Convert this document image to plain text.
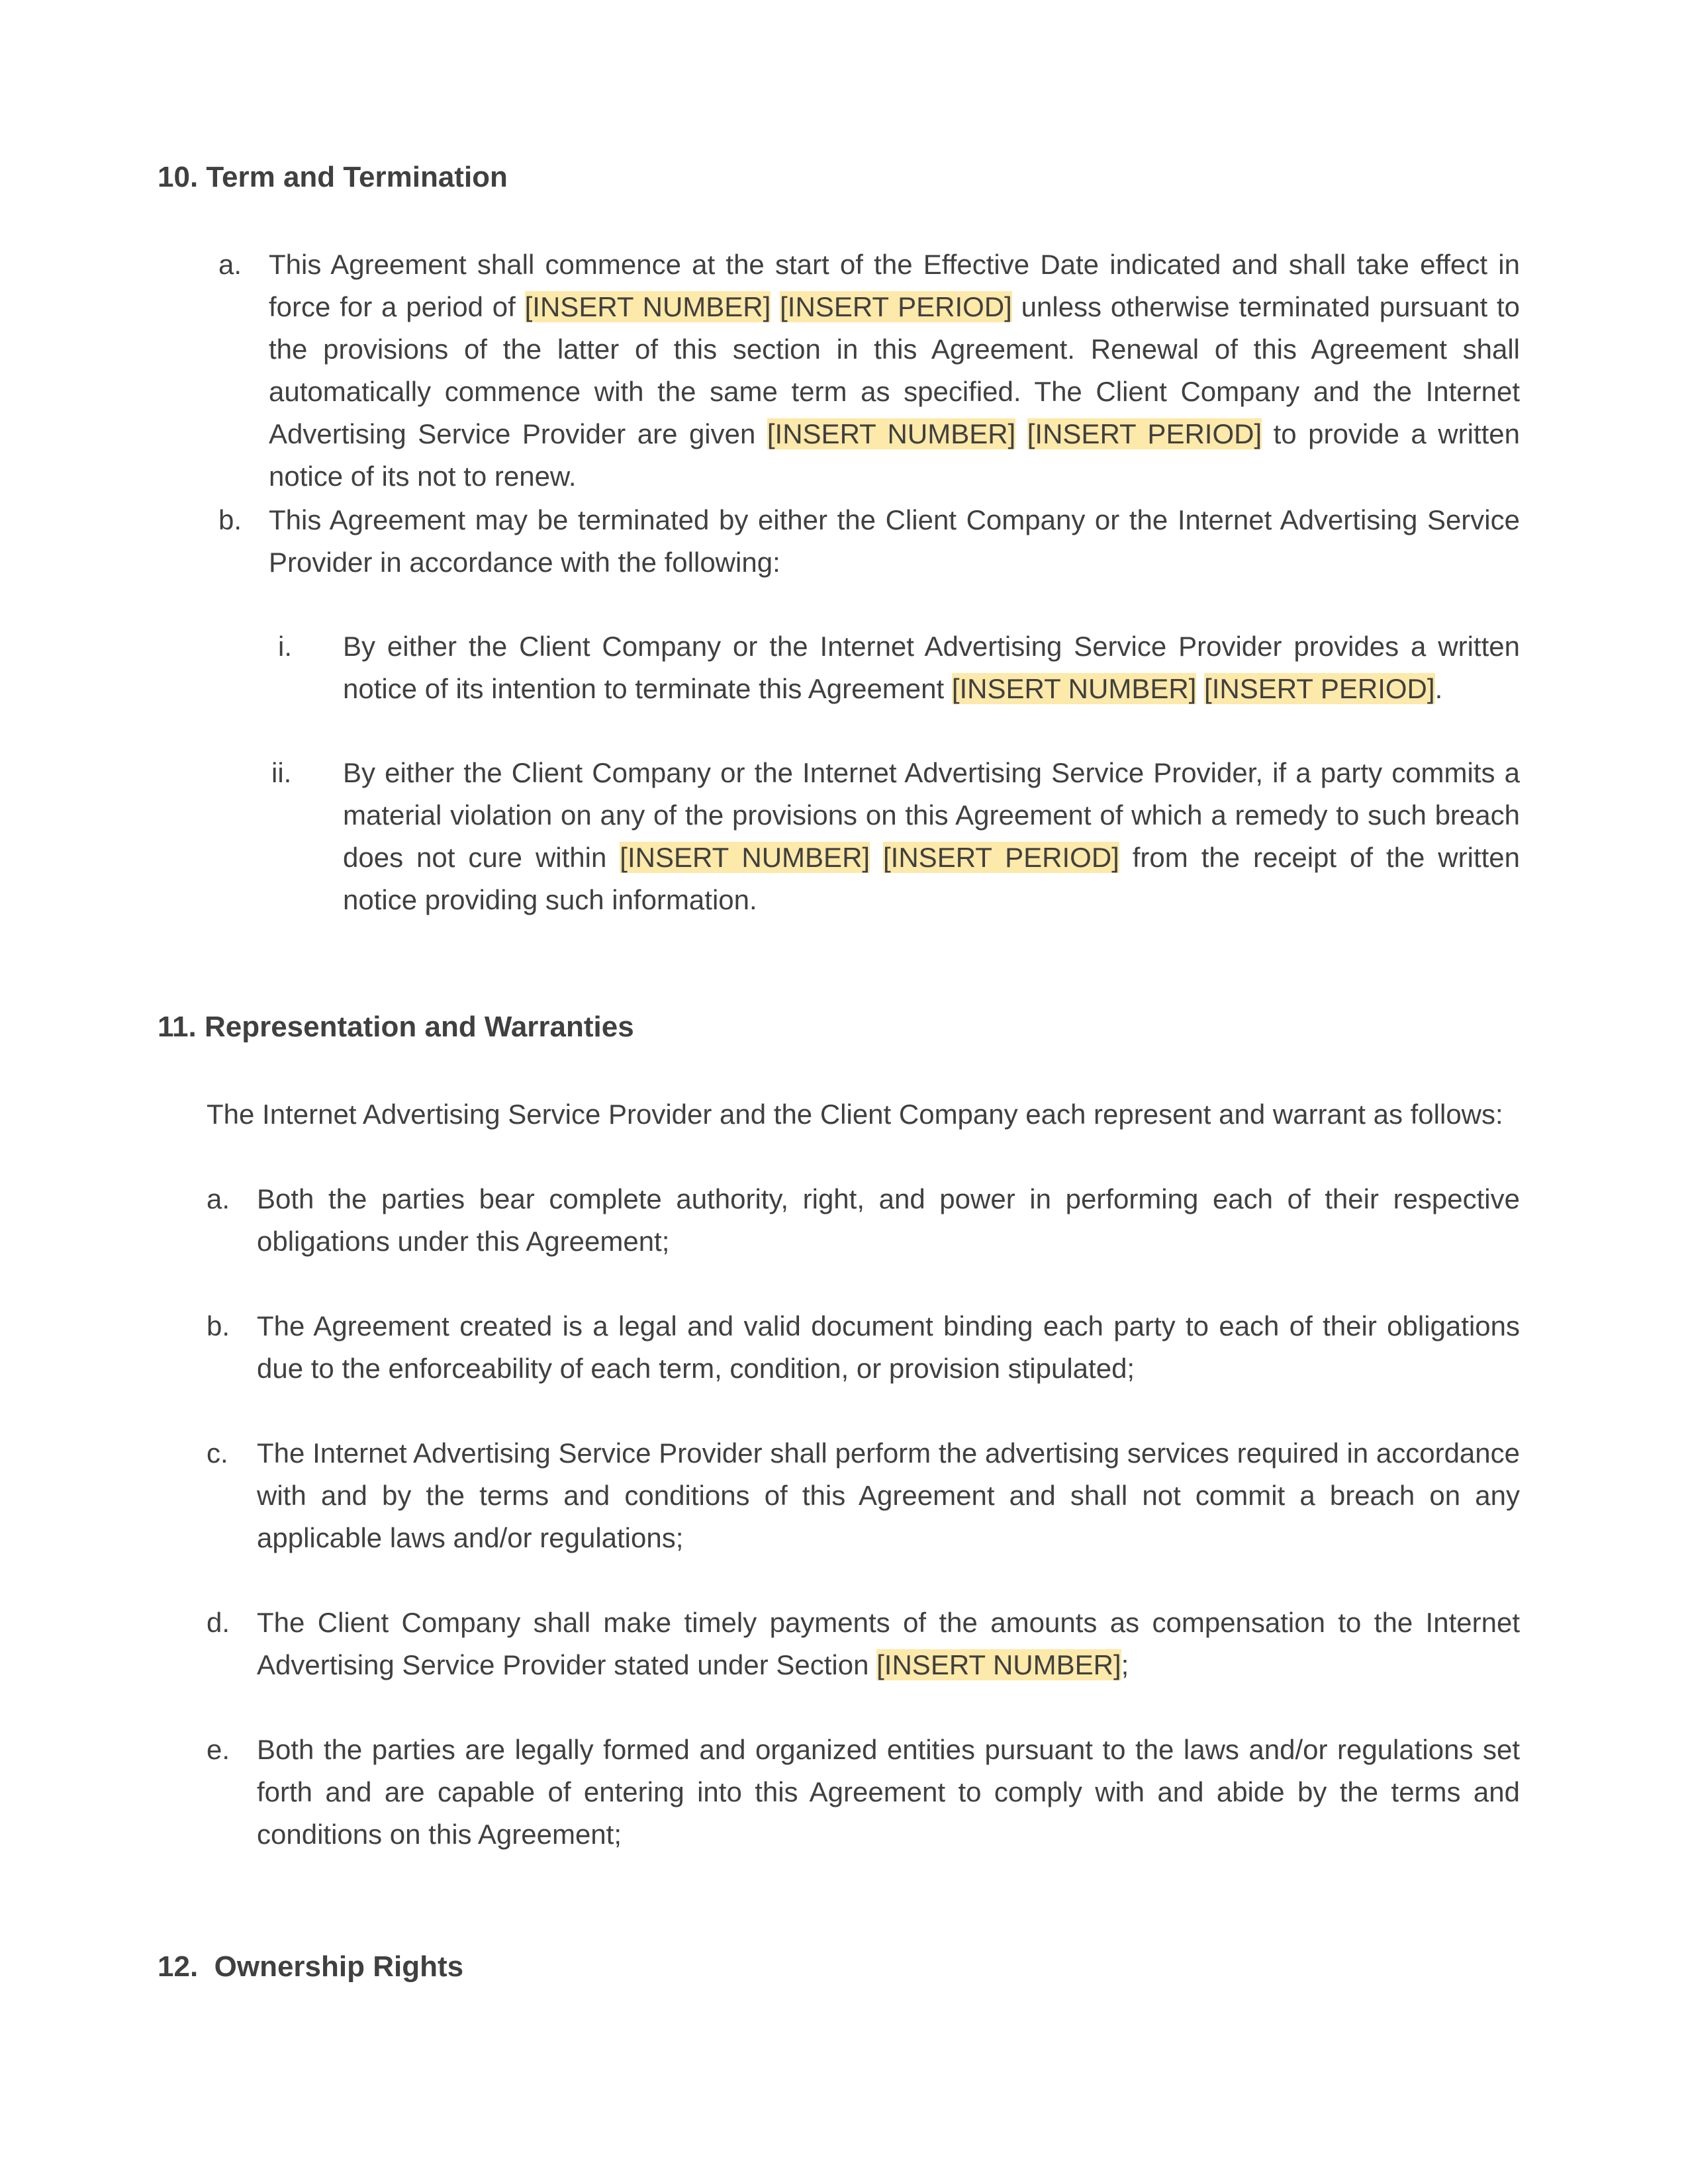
10. Term and Termination
a. This Agreement shall commence at the start of the Effective Date indicated and shall take effect in force for a period of [INSERT NUMBER] [INSERT PERIOD] unless otherwise terminated pursuant to the provisions of the latter of this section in this Agreement. Renewal of this Agreement shall automatically commence with the same term as specified. The Client Company and the Internet Advertising Service Provider are given [INSERT NUMBER] [INSERT PERIOD] to provide a written notice of its not to renew.

b. This Agreement may be terminated by either the Client Company or the Internet Advertising Service Provider in accordance with the following:

i. By either the Client Company or the Internet Advertising Service Provider provides a written notice of its intention to terminate this Agreement [INSERT NUMBER] [INSERT PERIOD].

ii. By either the Client Company or the Internet Advertising Service Provider, if a party commits a material violation on any of the provisions on this Agreement of which a remedy to such breach does not cure within [INSERT NUMBER] [INSERT PERIOD] from the receipt of the written notice providing such information.

11. Representation and Warranties

The Internet Advertising Service Provider and the Client Company each represent and warrant as follows:

a. Both the parties bear complete authority, right, and power in performing each of their respective obligations under this Agreement;

b. The Agreement created is a legal and valid document binding each party to each of their obligations due to the enforceability of each term, condition, or provision stipulated;

c. The Internet Advertising Service Provider shall perform the advertising services required in accordance with and by the terms and conditions of this Agreement and shall not commit a breach on any applicable laws and/or regulations;

d. The Client Company shall make timely payments of the amounts as compensation to the Internet Advertising Service Provider stated under Section [INSERT NUMBER];

e. Both the parties are legally formed and organized entities pursuant to the laws and/or regulations set forth and are capable of entering into this Agreement to comply with and abide by the terms and conditions on this Agreement;

12.  Ownership Rights
